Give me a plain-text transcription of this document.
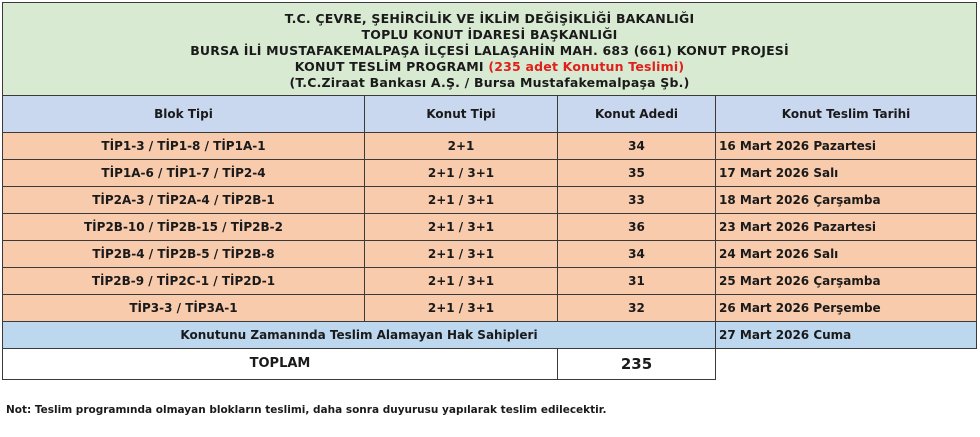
T.C. ÇEVRE, ŞEHİRCİLİK VE İKLİM DEĞİŞİKLİĞİ BAKANLIĞI
TOPLU KONUT İDARESİ BAŞKANLIĞI
BURSA İLİ MUSTAFAKEMALPAŞA İLÇESİ LALAŞAHİN MAH. 683 (661) KONUT PROJESİ
KONUT TESLİM PROGRAMI (235 adet Konutun Teslimi)
(T.C.Ziraat Bankası A.Ş. / Bursa Mustafakemalpaşa Şb.)			

Blok Tipi	Konut Tipi	Konut Adedi	Konut Teslim Tarihi
TİP1-3 / TİP1-8 / TİP1A-1	2+1	34	16 Mart 2026 Pazartesi
TİP1A-6 / TİP1-7 / TİP2-4	2+1 / 3+1	35	17 Mart 2026 Salı
TİP2A-3 / TİP2A-4 / TİP2B-1	2+1 / 3+1	33	18 Mart 2026 Çarşamba
TİP2B-10 / TİP2B-15 / TİP2B-2	2+1 / 3+1	36	23 Mart 2026 Pazartesi
TİP2B-4 / TİP2B-5 / TİP2B-8	2+1 / 3+1	34	24 Mart 2026 Salı
TİP2B-9 / TİP2C-1 / TİP2D-1	2+1 / 3+1	31	25 Mart 2026 Çarşamba
TİP3-3 / TİP3A-1	2+1 / 3+1	32	26 Mart 2026 Perşembe
Konutunu Zamanında Teslim Alamayan Hak Sahipleri			27 Mart 2026 Cuma
TOPLAM		235	
Not: Teslim programında olmayan blokların teslimi, daha sonra duyurusu yapılarak teslim edilecektir.
